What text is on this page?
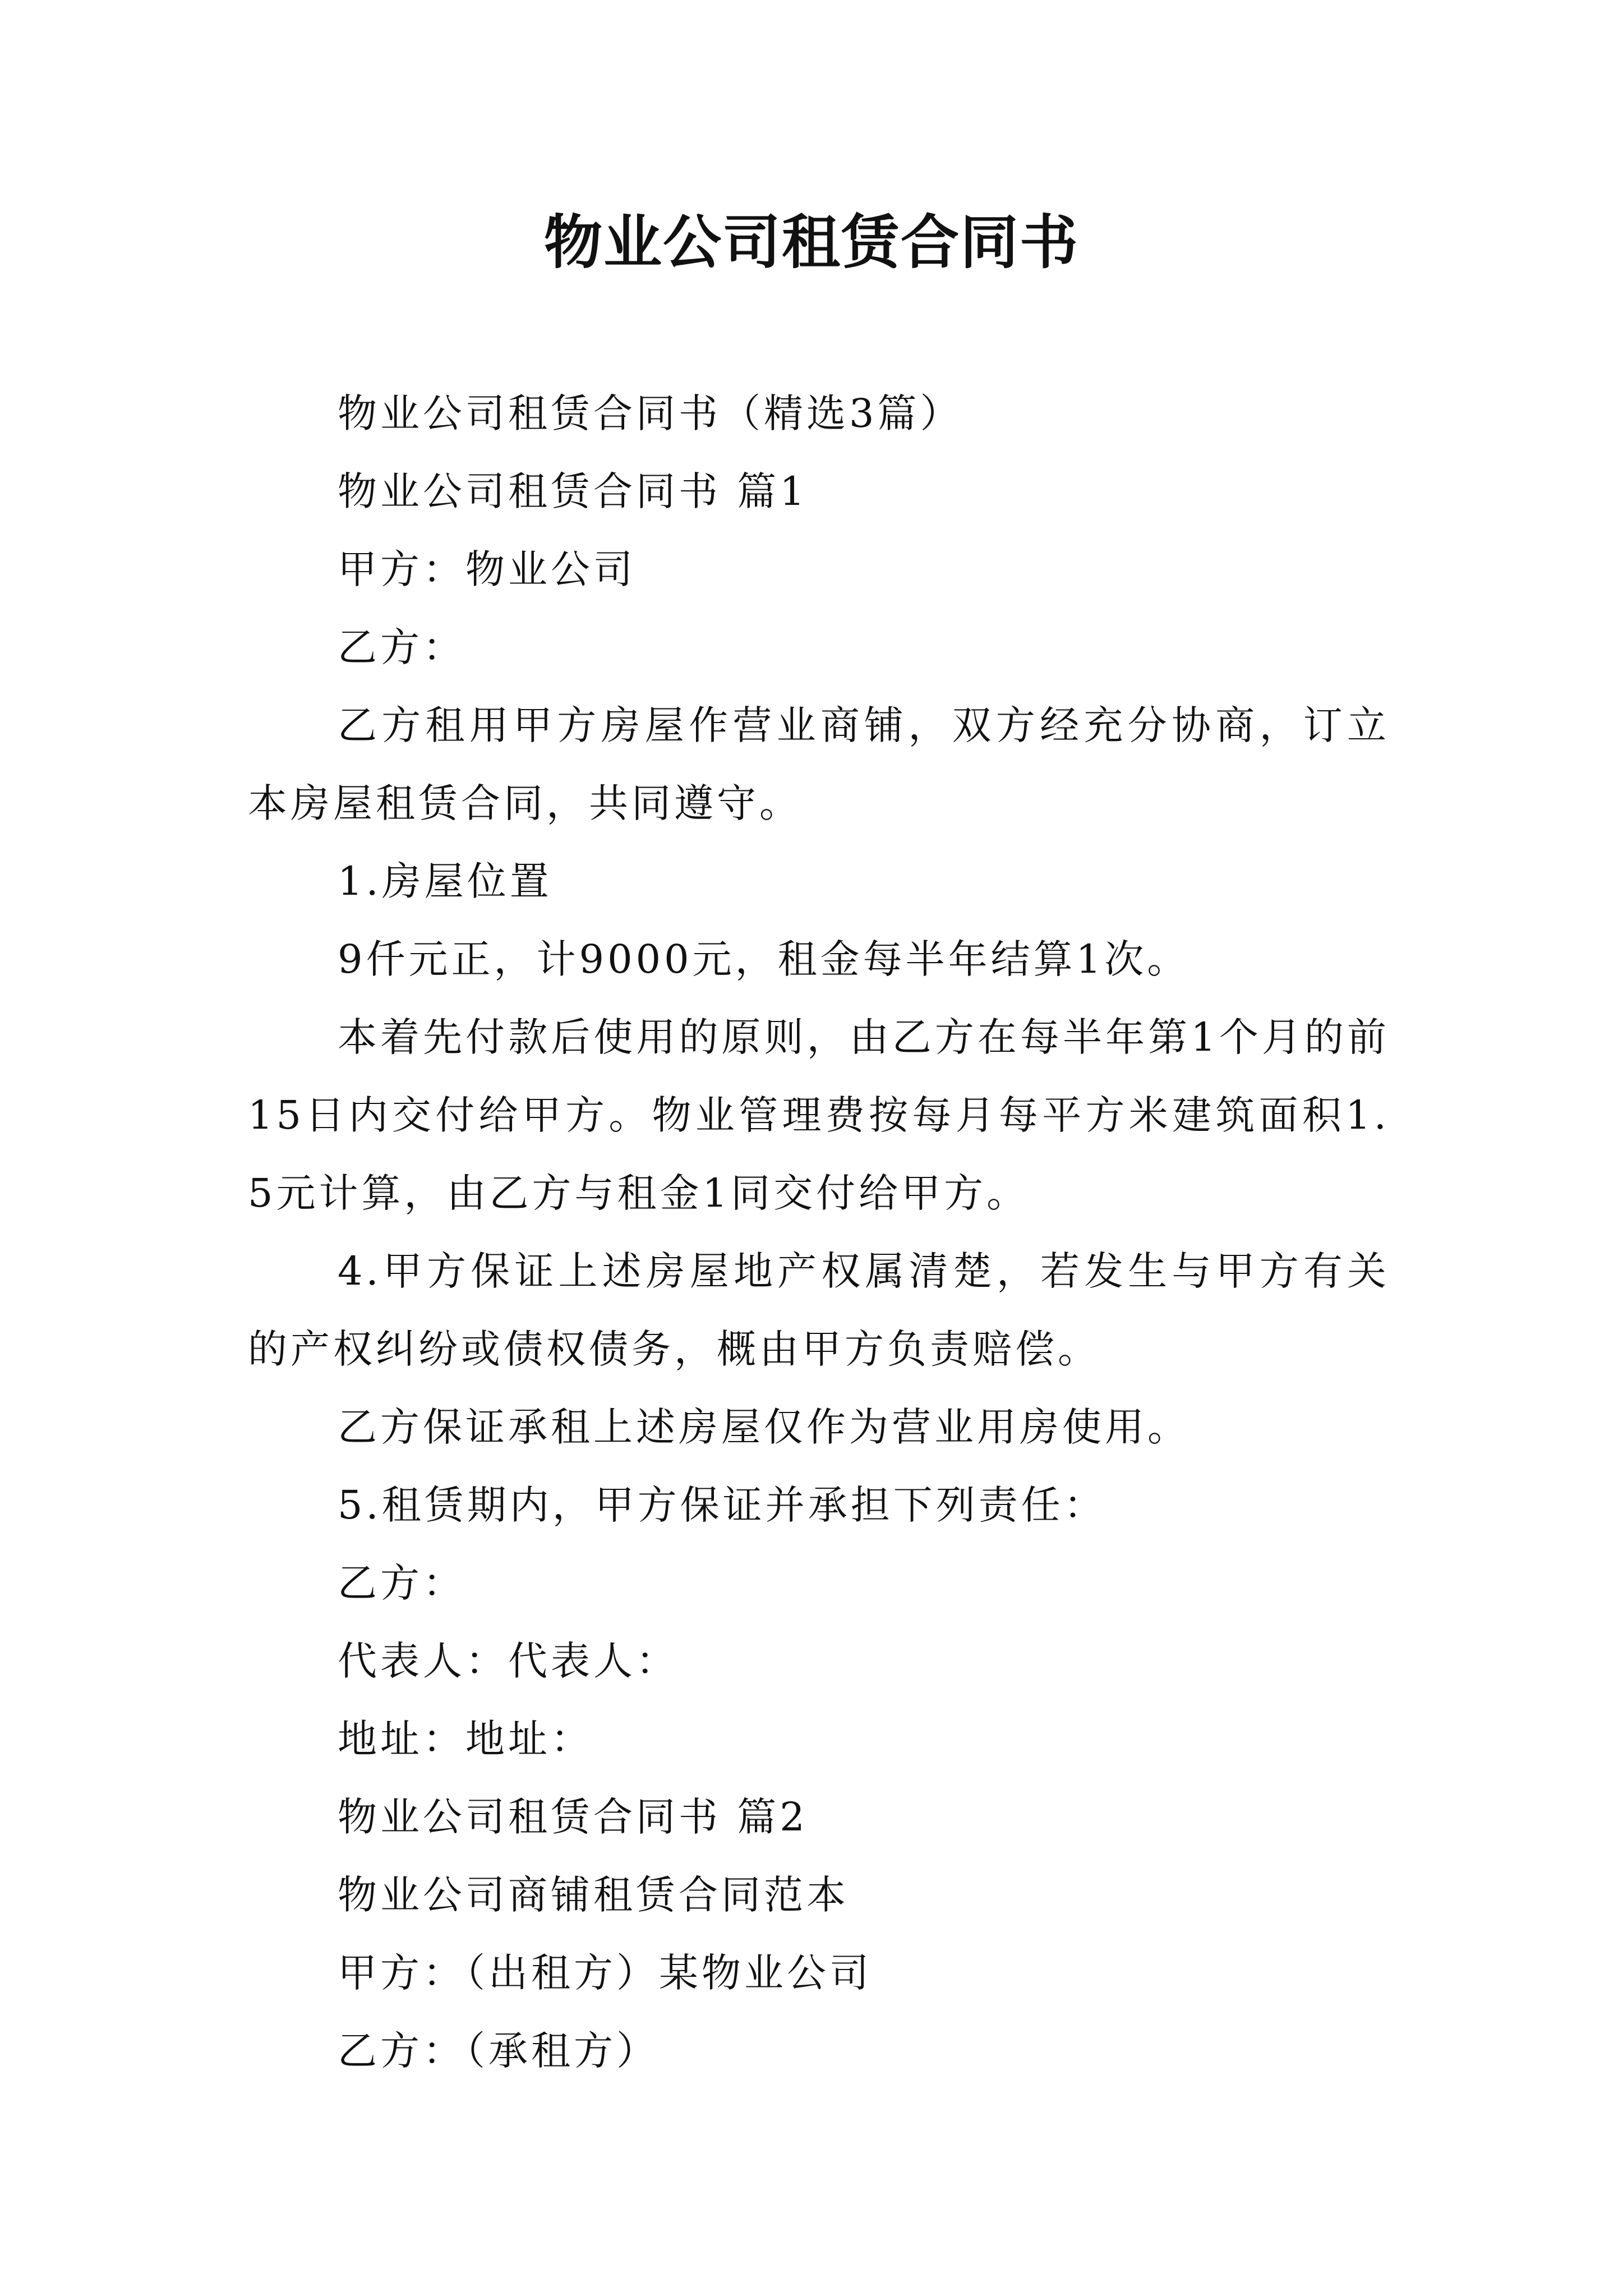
物业公司租赁合同书

物业公司租赁合同书（精选3篇）

物业公司租赁合同书 篇1

甲方：物业公司

乙方：

乙方租用甲方房屋作营业商铺，双方经充分协商，订立本房屋租赁合同，共同遵守。

1.房屋位置

9仟元正，计9000元，租金每半年结算1次。

本着先付款后使用的原则，由乙方在每半年第1个月的前15日内交付给甲方。物业管理费按每月每平方米建筑面积1.5元计算，由乙方与租金1同交付给甲方。

4.甲方保证上述房屋地产权属清楚，若发生与甲方有关的产权纠纷或债权债务，概由甲方负责赔偿。

乙方保证承租上述房屋仅作为营业用房使用。

5.租赁期内，甲方保证并承担下列责任：

乙方：

代表人：代表人：

地址：地址：

物业公司租赁合同书 篇2

物业公司商铺租赁合同范本

甲方：（出租方）某物业公司

乙方：（承租方）
